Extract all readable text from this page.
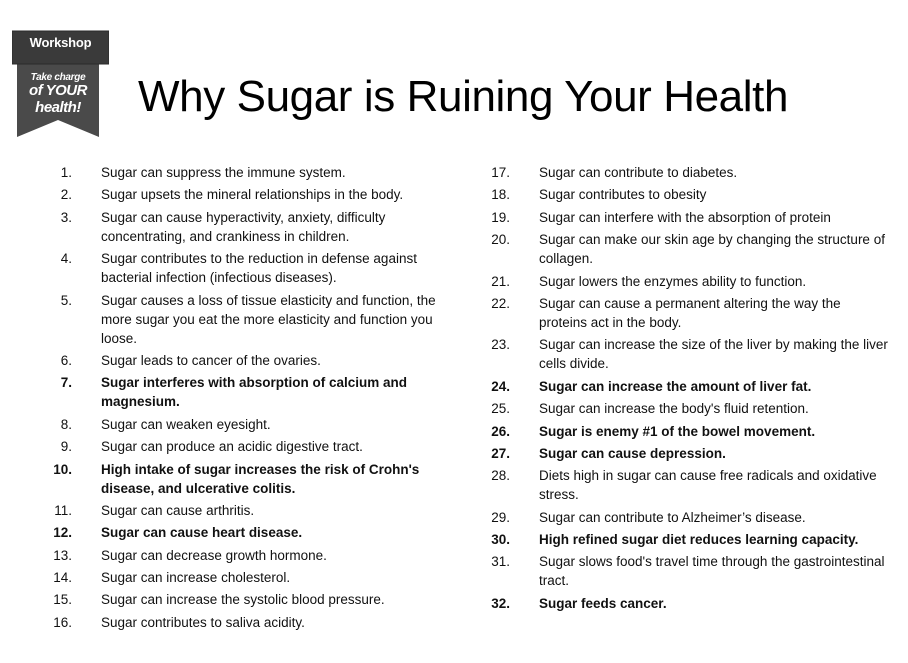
Workshop
Take charge
of YOUR
health!	Why Sugar is Ruining Your Health
1.	Sugar can suppress the immune system.
2.	Sugar upsets the mineral relationships in the body.
3.	Sugar can cause hyperactivity, anxiety, difficulty concentrating, and crankiness in children.
4.	Sugar contributes to the reduction in defense against bacterial infection (infectious diseases).
5.	Sugar causes a loss of tissue elasticity and function, the more sugar you eat the more elasticity and function you loose.
6.	Sugar leads to cancer of the ovaries.
7.	Sugar interferes with absorption of calcium and magnesium.
8.	Sugar can weaken eyesight.
9.	Sugar can produce an acidic digestive tract.
10.	High intake of sugar increases the risk of Crohn's disease, and ulcerative colitis.
11.	Sugar can cause arthritis.
12.	Sugar can cause heart disease.
13.	Sugar can decrease growth hormone.
14.	Sugar can increase cholesterol.
15.	Sugar can increase the systolic blood pressure.
16.	Sugar contributes to saliva acidity.
17.	Sugar can contribute to diabetes.
18.	Sugar contributes to obesity
19.	Sugar can interfere with the absorption of protein
20.	Sugar can make our skin age by changing the structure of collagen.
21.	Sugar lowers the enzymes ability to function.
22.	Sugar can cause a permanent altering the way the proteins act in the body.
23.	Sugar can increase the size of the liver by making the liver cells divide.
24.	Sugar can increase the amount of liver fat.
25.	Sugar can increase the body's fluid retention.
26.	Sugar is enemy #1 of the bowel movement.
27.	Sugar can cause depression.
28.	Diets high in sugar can cause free radicals and oxidative stress.
29.	Sugar can contribute to Alzheimer’s disease.
30.	High refined sugar diet reduces learning capacity.
31.	Sugar slows food's travel time through the gastrointestinal tract.
32.	Sugar feeds cancer.
